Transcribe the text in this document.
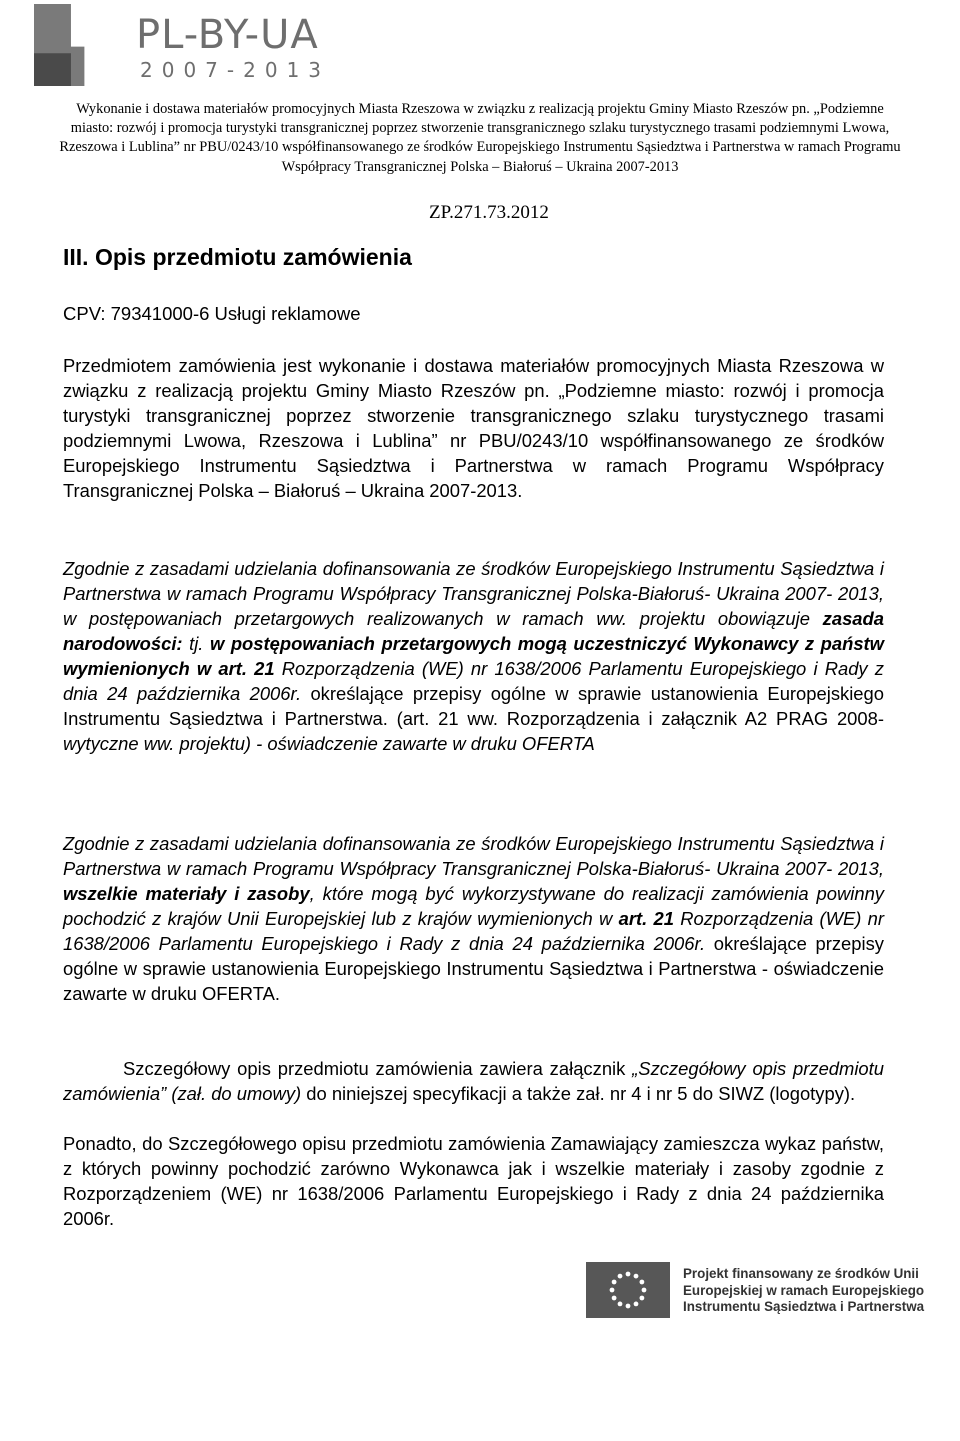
PL-BY-UA
2007-2013
Wykonanie i dostawa materiałów promocyjnych Miasta Rzeszowa w związku z realizacją projektu Gminy Miasto Rzeszów pn. „Podziemne miasto: rozwój i promocja turystyki transgranicznej poprzez stworzenie transgranicznego szlaku turystycznego trasami podziemnymi Lwowa, Rzeszowa i Lublina” nr PBU/0243/10 współfinansowanego ze środków Europejskiego Instrumentu Sąsiedztwa i Partnerstwa w ramach Programu Współpracy Transgranicznej Polska – Białoruś – Ukraina 2007-2013
ZP.271.73.2012
III. Opis przedmiotu zamówienia
CPV: 79341000-6 Usługi reklamowe
Przedmiotem zamówienia jest wykonanie i dostawa materiałów promocyjnych Miasta Rzeszowa w związku z realizacją projektu Gminy Miasto Rzeszów pn. „Podziemne miasto: rozwój i promocja turystyki transgranicznej poprzez stworzenie transgranicznego szlaku turystycznego trasami podziemnymi Lwowa, Rzeszowa i Lublina” nr PBU/0243/10 współfinansowanego ze środków Europejskiego Instrumentu Sąsiedztwa i Partnerstwa w ramach Programu Współpracy Transgranicznej Polska – Białoruś – Ukraina 2007-2013.
Zgodnie z zasadami udzielania dofinansowania ze środków Europejskiego Instrumentu Sąsiedztwa i Partnerstwa w ramach Programu Współpracy Transgranicznej Polska-Białoruś- Ukraina 2007- 2013, w postępowaniach przetargowych realizowanych w ramach ww. projektu obowiązuje zasada narodowości: tj. w postępowaniach przetargowych mogą uczestniczyć Wykonawcy z państw wymienionych w art. 21 Rozporządzenia (WE) nr 1638/2006 Parlamentu Europejskiego i Rady z dnia 24 października 2006r. określające przepisy ogólne w sprawie ustanowienia Europejskiego Instrumentu Sąsiedztwa i Partnerstwa. (art. 21 ww. Rozporządzenia i załącznik A2 PRAG 2008-wytyczne ww. projektu) - oświadczenie zawarte w druku OFERTA
Zgodnie z zasadami udzielania dofinansowania ze środków Europejskiego Instrumentu Sąsiedztwa i Partnerstwa w ramach Programu Współpracy Transgranicznej Polska-Białoruś- Ukraina 2007- 2013, wszelkie materiały i zasoby, które mogą być wykorzystywane do realizacji zamówienia powinny pochodzić z krajów Unii Europejskiej lub z krajów wymienionych w art. 21 Rozporządzenia (WE) nr 1638/2006 Parlamentu Europejskiego i Rady z dnia 24 października 2006r. określające przepisy ogólne w sprawie ustanowienia Europejskiego Instrumentu Sąsiedztwa i Partnerstwa - oświadczenie zawarte w druku OFERTA.
Szczegółowy opis przedmiotu zamówienia zawiera załącznik „Szczegółowy opis przedmiotu zamówienia” (zał. do umowy) do niniejszej specyfikacji a także zał. nr 4 i nr 5 do SIWZ (logotypy).
Ponadto, do Szczegółowego opisu przedmiotu zamówienia Zamawiający zamieszcza wykaz państw, z których powinny pochodzić zarówno Wykonawca jak i wszelkie materiały i zasoby zgodnie z Rozporządzeniem (WE) nr 1638/2006 Parlamentu Europejskiego i Rady z dnia 24 października 2006r.
Projekt finansowany ze środków Unii
Europejskiej w ramach Europejskiego
Instrumentu Sąsiedztwa i Partnerstwa
